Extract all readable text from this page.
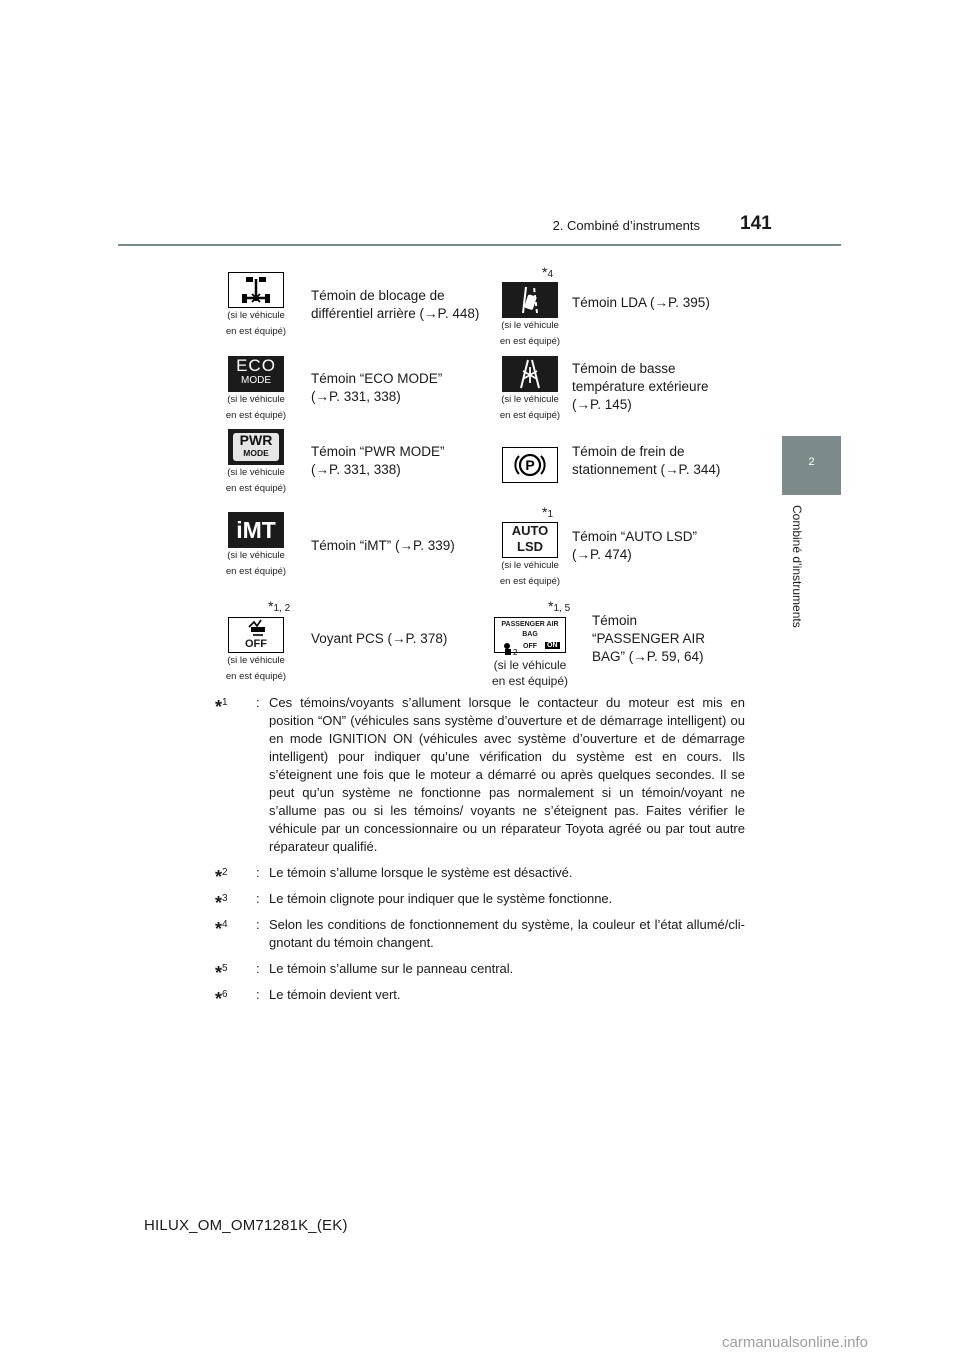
2. Combiné d’instruments 141
2
Combiné d’instruments
(si le véhicule
en est équipé)
Témoin de blocage de
différentiel arrière (→P. 448)
*4
(si le véhicule
en est équipé)
Témoin LDA (→P. 395)
ECO
MODE
(si le véhicule
en est équipé)
Témoin “ECO MODE”
(→P. 331, 338)	(si le véhicule
en est équipé)
Témoin de basse
température extérieure
(→P. 145)
PWR
MODE
(si le véhicule
en est équipé)
Témoin “PWR MODE”
(→P. 331, 338)	P
Témoin de frein de
stationnement (→P. 344)
iMT
(si le véhicule
en est équipé)
Témoin “iMT” (→P. 339)
*1
AUTO
LSD
(si le véhicule
en est équipé)
Témoin “AUTO LSD”
(→P. 474)
*1, 2
OFF
(si le véhicule
en est équipé)
Voyant PCS (→P. 378)
*1, 5
PASSENGER AIR BAG
2
OFF ON
(si le véhicule
en est équipé)
Témoin
“PASSENGER AIR
BAG” (→P. 59, 64)
*$^1$ : Ces témoins/voyants s’allument lorsque le contacteur du moteur est mis en position “ON” (véhicules sans système d’ouverture et de démarrage intelligent) ou en mode IGNITION ON (véhicules avec système d’ouverture et de démarrage intelligent) pour indiquer qu’une vérification du système est en cours. Ils s’éteignent une fois que le moteur a démarré ou après quelques secondes. Il se peut qu’un système ne fonctionne pas normalement si un témoin/voyant ne s’allume pas ou si les témoins/ voyants ne s’éteignent pas. Faites vérifier le véhicule par un concessionnaire ou un réparateur Toyota agréé ou par tout autre réparateur qualifié.
*$^2$ : Le témoin s’allume lorsque le système est désactivé.
*$^3$ : Le témoin clignote pour indiquer que le système fonctionne.
*$^4$ : Selon les conditions de fonctionnement du système, la couleur et l’état allumé/cli- gnotant du témoin changent.
*$^5$ : Le témoin s’allume sur le panneau central.
*$^6$ : Le témoin devient vert.
HILUX_OM_OM71281K_(EK)
carmanualsonline.info
